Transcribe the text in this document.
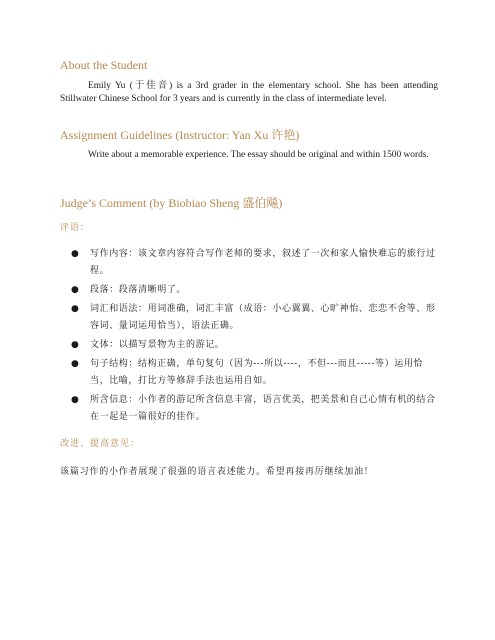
About the Student

Emily Yu (于佳音) is a 3rd grader in the elementary school. She has been attending Stillwater Chinese School for 3 years and is currently in the class of intermediate level.

Assignment Guidelines (Instructor: Yan Xu 许艳)

Write about a memorable experience. The essay should be original and within 1500 words.

Judge’s Comment (by Biobiao Sheng 盛伯飚)
评语：
● 写作内容：该文章内容符合写作老师的要求，叙述了一次和家人愉快难忘的旅行过程。
● 段落：段落清晰明了。
● 词汇和语法：用词准确，词汇丰富（成语：小心翼翼、心旷神怡、恋恋不舍等、形容词、量词运用恰当），语法正确。
● 文体：以描写景物为主的游记。
● 句子结构：结构正确，单句复句（因为---所以----，不但---而且-----等）运用恰当，比喻，打比方等修辞手法也运用自如。
● 所含信息：小作者的游记所含信息丰富，语言优美，把美景和自己心情有机的结合在一起是一篇很好的佳作。
改进、提高意见：
该篇习作的小作者展现了很强的语言表述能力。希望再接再厉继续加油！
